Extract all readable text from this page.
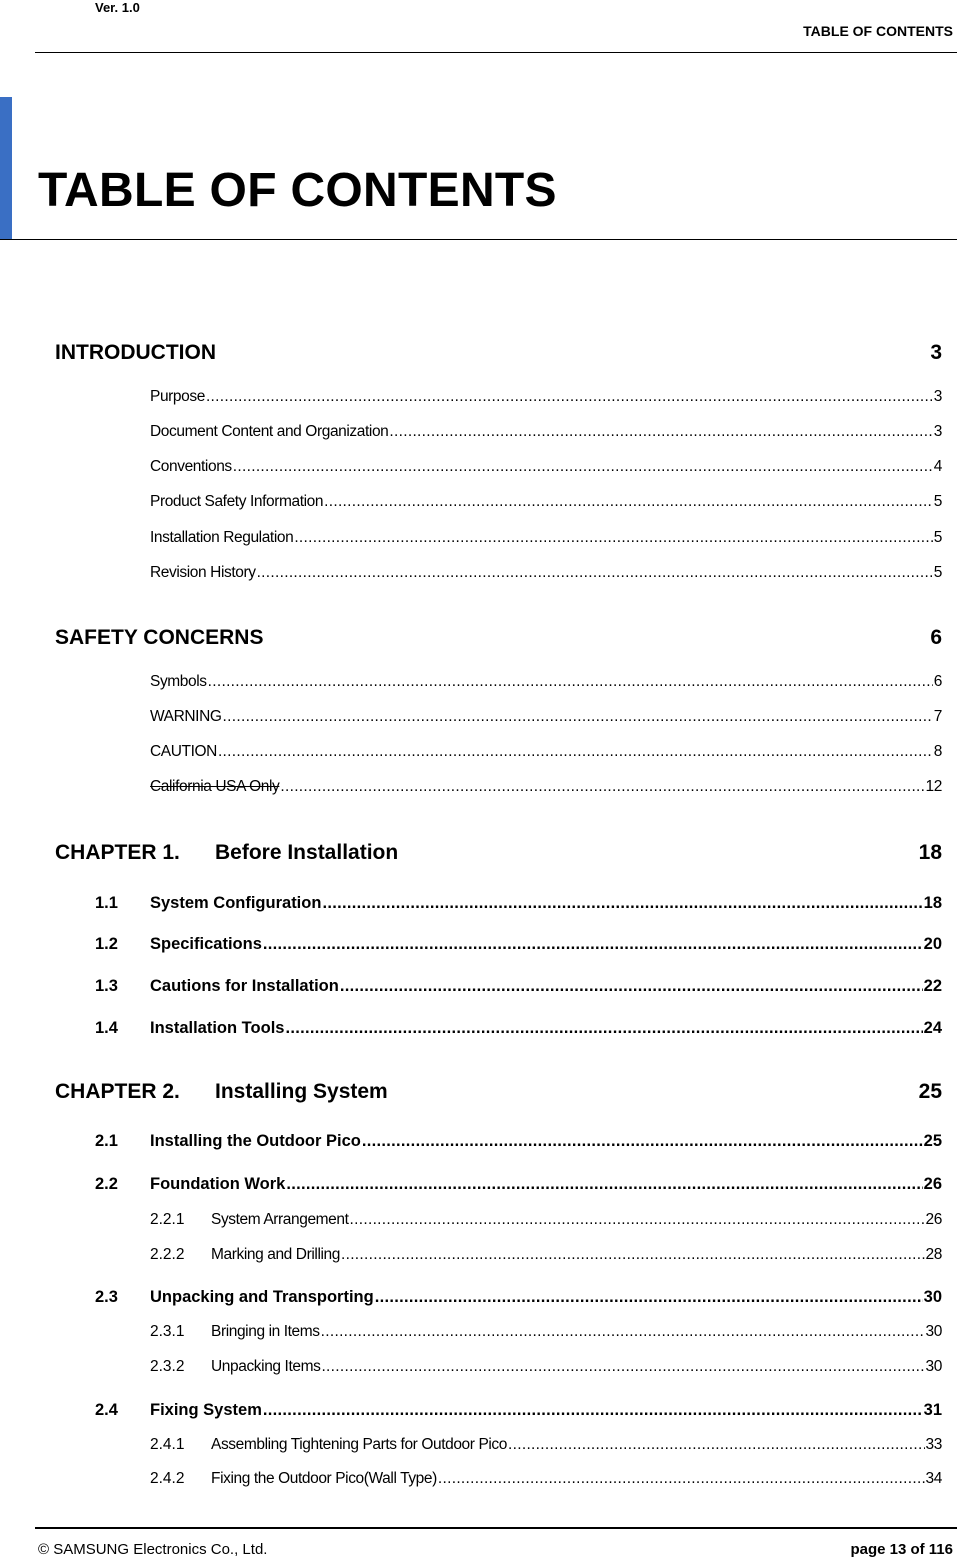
Ver. 1.0
TABLE OF CONTENTS
TABLE OF CONTENTS
INTRODUCTION	3
Purpose .....	3
Document Content and Organization .....	3
Conventions .....	4
Product Safety Information .....	5
Installation Regulation .....	5
Revision History .....	5
SAFETY CONCERNS	6
Symbols .....	6
WARNING .....	7
CAUTION .....	8
California USA Only .....	12
CHAPTER 1.	Before Installation	18
1.1	System Configuration .....	18
1.2	Specifications .....	20
1.3	Cautions for Installation .....	22
1.4	Installation Tools .....	24
CHAPTER 2.	Installing System	25
2.1	Installing the Outdoor Pico .....	25
2.2	Foundation Work .....	26
2.2.1	System Arrangement .....	26
2.2.2	Marking and Drilling .....	28
2.3	Unpacking and Transporting .....	30
2.3.1	Bringing in Items .....	30
2.3.2	Unpacking Items .....	30
2.4	Fixing System .....	31
2.4.1	Assembling Tightening Parts for Outdoor Pico .....	33
2.4.2	Fixing the Outdoor Pico(Wall Type) .....	34
© SAMSUNG Electronics Co., Ltd.	page 13 of 116
